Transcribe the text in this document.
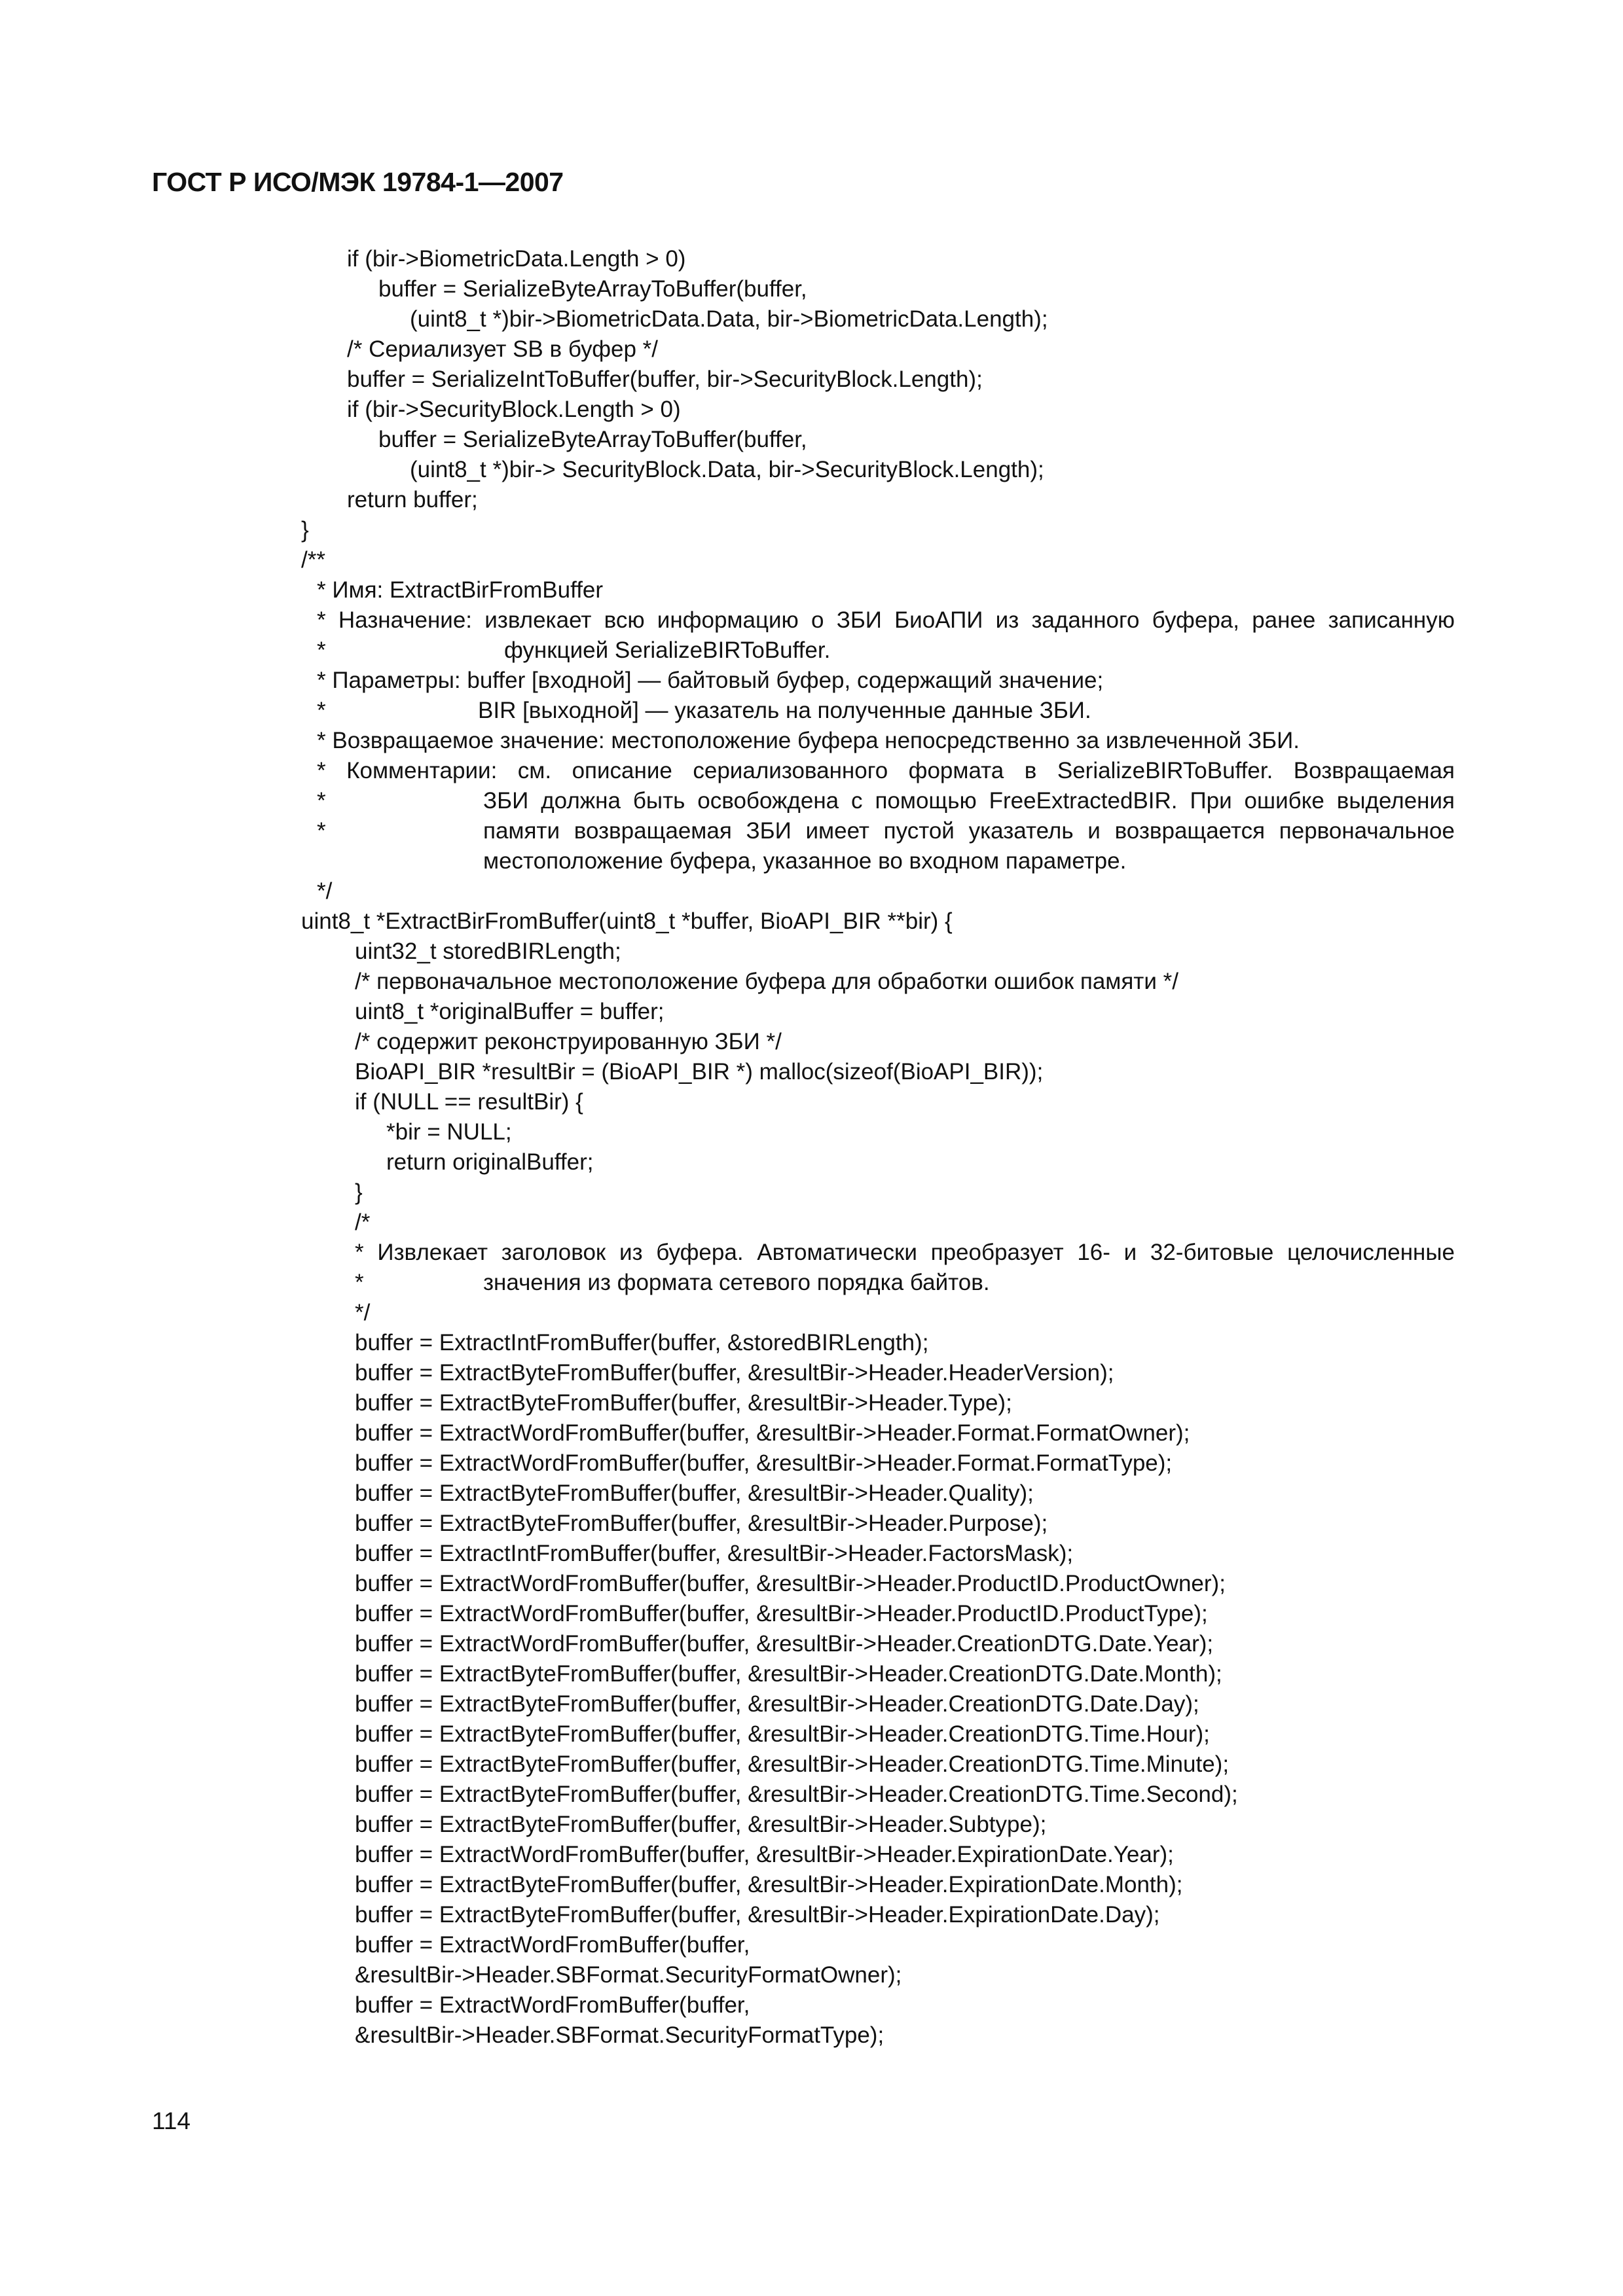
ГОСТ Р ИСО/МЭК 19784-1—2007
if (bir->BiometricData.Length > 0)
buffer = SerializeByteArrayToBuffer(buffer,
(uint8_t *)bir->BiometricData.Data, bir->BiometricData.Length);
/* Сериализует SB в буфер */
buffer = SerializeIntToBuffer(buffer, bir->SecurityBlock.Length);
if (bir->SecurityBlock.Length > 0)
buffer = SerializeByteArrayToBuffer(buffer,
(uint8_t *)bir-> SecurityBlock.Data, bir->SecurityBlock.Length);
return buffer;
}
/**
* Имя: ExtractBirFromBuffer
* Назначение: извлекает всю информацию о ЗБИ БиоАПИ из заданного буфера, ранее записанную
*	функцией SerializeBIRToBuffer.
* Параметры: buffer [входной] — байтовый буфер, содержащий значение;
*	BIR [выходной] — указатель на полученные данные ЗБИ.
* Возвращаемое значение: местоположение буфера непосредственно за извлеченной ЗБИ.
* Комментарии: см. описание сериализованного формата в SerializeBIRToBuffer. Возвращаемая
*	ЗБИ должна быть освобождена с помощью FreeExtractedBIR. При ошибке выделения
*	памяти возвращаемая ЗБИ имеет пустой указатель и возвращается первоначальное
местоположение буфера, указанное во входном параметре.
*/
uint8_t *ExtractBirFromBuffer(uint8_t *buffer, BioAPI_BIR **bir) {
uint32_t storedBIRLength;
/* первоначальное местоположение буфера для обработки ошибок памяти */
uint8_t *originalBuffer = buffer;
/* содержит реконструированную ЗБИ */
BioAPI_BIR *resultBir = (BioAPI_BIR *) malloc(sizeof(BioAPI_BIR));
if (NULL == resultBir) {
*bir = NULL;
return originalBuffer;
}
/*
* Извлекает заголовок из буфера. Автоматически преобразует 16- и 32-битовые целочисленные
*	значения из формата сетевого порядка байтов.
*/
buffer = ExtractIntFromBuffer(buffer, &storedBIRLength);
buffer = ExtractByteFromBuffer(buffer, &resultBir->Header.HeaderVersion);
buffer = ExtractByteFromBuffer(buffer, &resultBir->Header.Type);
buffer = ExtractWordFromBuffer(buffer, &resultBir->Header.Format.FormatOwner);
buffer = ExtractWordFromBuffer(buffer, &resultBir->Header.Format.FormatType);
buffer = ExtractByteFromBuffer(buffer, &resultBir->Header.Quality);
buffer = ExtractByteFromBuffer(buffer, &resultBir->Header.Purpose);
buffer = ExtractIntFromBuffer(buffer, &resultBir->Header.FactorsMask);
buffer = ExtractWordFromBuffer(buffer, &resultBir->Header.ProductID.ProductOwner);
buffer = ExtractWordFromBuffer(buffer, &resultBir->Header.ProductID.ProductType);
buffer = ExtractWordFromBuffer(buffer, &resultBir->Header.CreationDTG.Date.Year);
buffer = ExtractByteFromBuffer(buffer, &resultBir->Header.CreationDTG.Date.Month);
buffer = ExtractByteFromBuffer(buffer, &resultBir->Header.CreationDTG.Date.Day);
buffer = ExtractByteFromBuffer(buffer, &resultBir->Header.CreationDTG.Time.Hour);
buffer = ExtractByteFromBuffer(buffer, &resultBir->Header.CreationDTG.Time.Minute);
buffer = ExtractByteFromBuffer(buffer, &resultBir->Header.CreationDTG.Time.Second);
buffer = ExtractByteFromBuffer(buffer, &resultBir->Header.Subtype);
buffer = ExtractWordFromBuffer(buffer, &resultBir->Header.ExpirationDate.Year);
buffer = ExtractByteFromBuffer(buffer, &resultBir->Header.ExpirationDate.Month);
buffer = ExtractByteFromBuffer(buffer, &resultBir->Header.ExpirationDate.Day);
buffer = ExtractWordFromBuffer(buffer,
&resultBir->Header.SBFormat.SecurityFormatOwner);
buffer = ExtractWordFromBuffer(buffer,
&resultBir->Header.SBFormat.SecurityFormatType);
114
